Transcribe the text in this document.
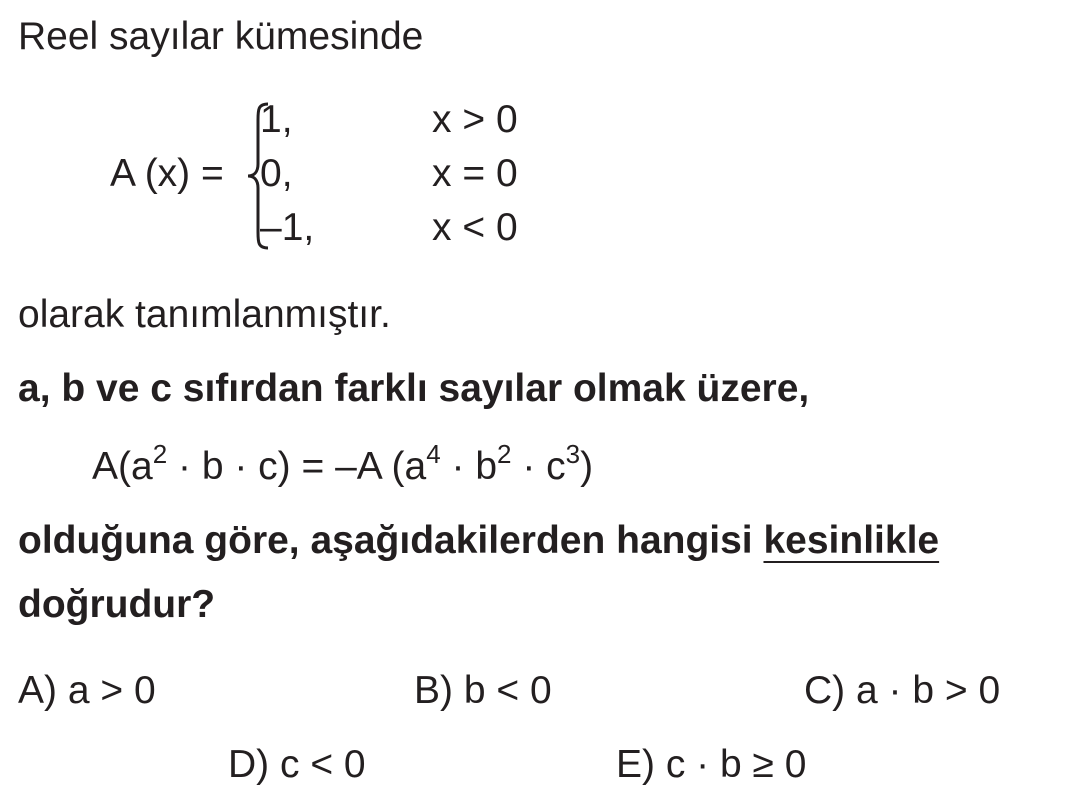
Reel sayılar kümesinde
A (x) =
1,	x > 0
0,	x = 0
–1,	x < 0
olarak tanımlanmıştır.
a, b ve c sıfırdan farklı sayılar olmak üzere,
$A(a^2 \cdot b \cdot c) = -A$ $(a^4 \cdot b^2 \cdot c^3)$
olduğuna göre, aşağıdakilerden hangisi kesinlikle
doğrudur?
A) a > 0	B) b < 0	C) a · b > 0
D) c < 0	E) c · b ≥ 0
